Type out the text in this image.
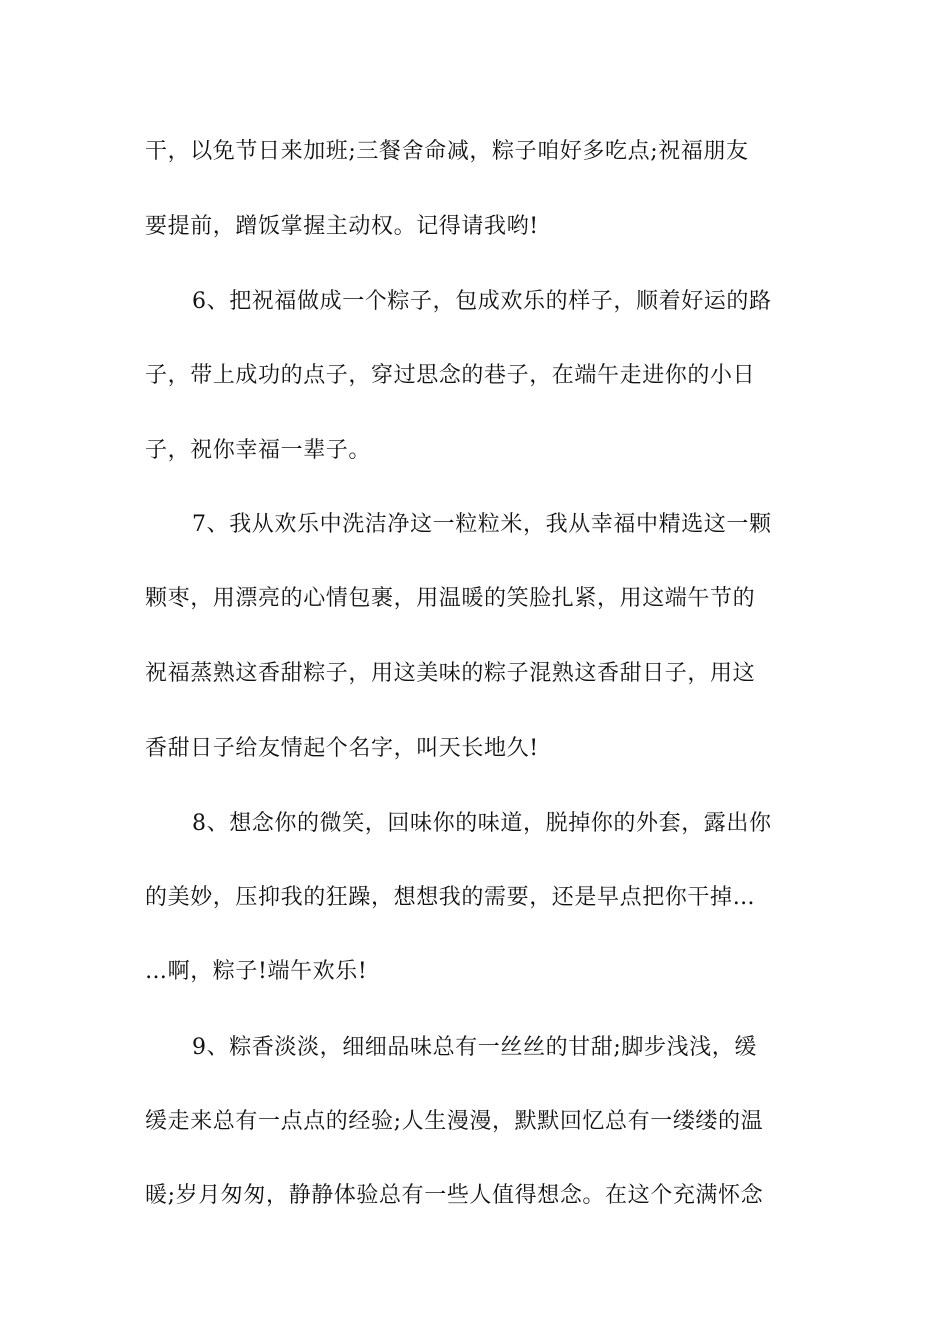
干，以免节日来加班;三餐舍命减，粽子咱好多吃点;祝福朋友
要提前，蹭饭掌握主动权。记得请我哟!
6、把祝福做成一个粽子，包成欢乐的样子，顺着好运的路
子，带上成功的点子，穿过思念的巷子，在端午走进你的小日
子，祝你幸福一辈子。
7、我从欢乐中洗洁净这一粒粒米，我从幸福中精选这一颗
颗枣，用漂亮的心情包裹，用温暖的笑脸扎紧，用这端午节的
祝福蒸熟这香甜粽子，用这美味的粽子混熟这香甜日子，用这
香甜日子给友情起个名字，叫天长地久!
8、想念你的微笑，回味你的味道，脱掉你的外套，露出你
的美妙，压抑我的狂躁，想想我的需要，还是早点把你干掉…
…啊，粽子!端午欢乐!
9、粽香淡淡，细细品味总有一丝丝的甘甜;脚步浅浅，缓
缓走来总有一点点的经验;人生漫漫，默默回忆总有一缕缕的温
暖;岁月匆匆，静静体验总有一些人值得想念。在这个充满怀念
